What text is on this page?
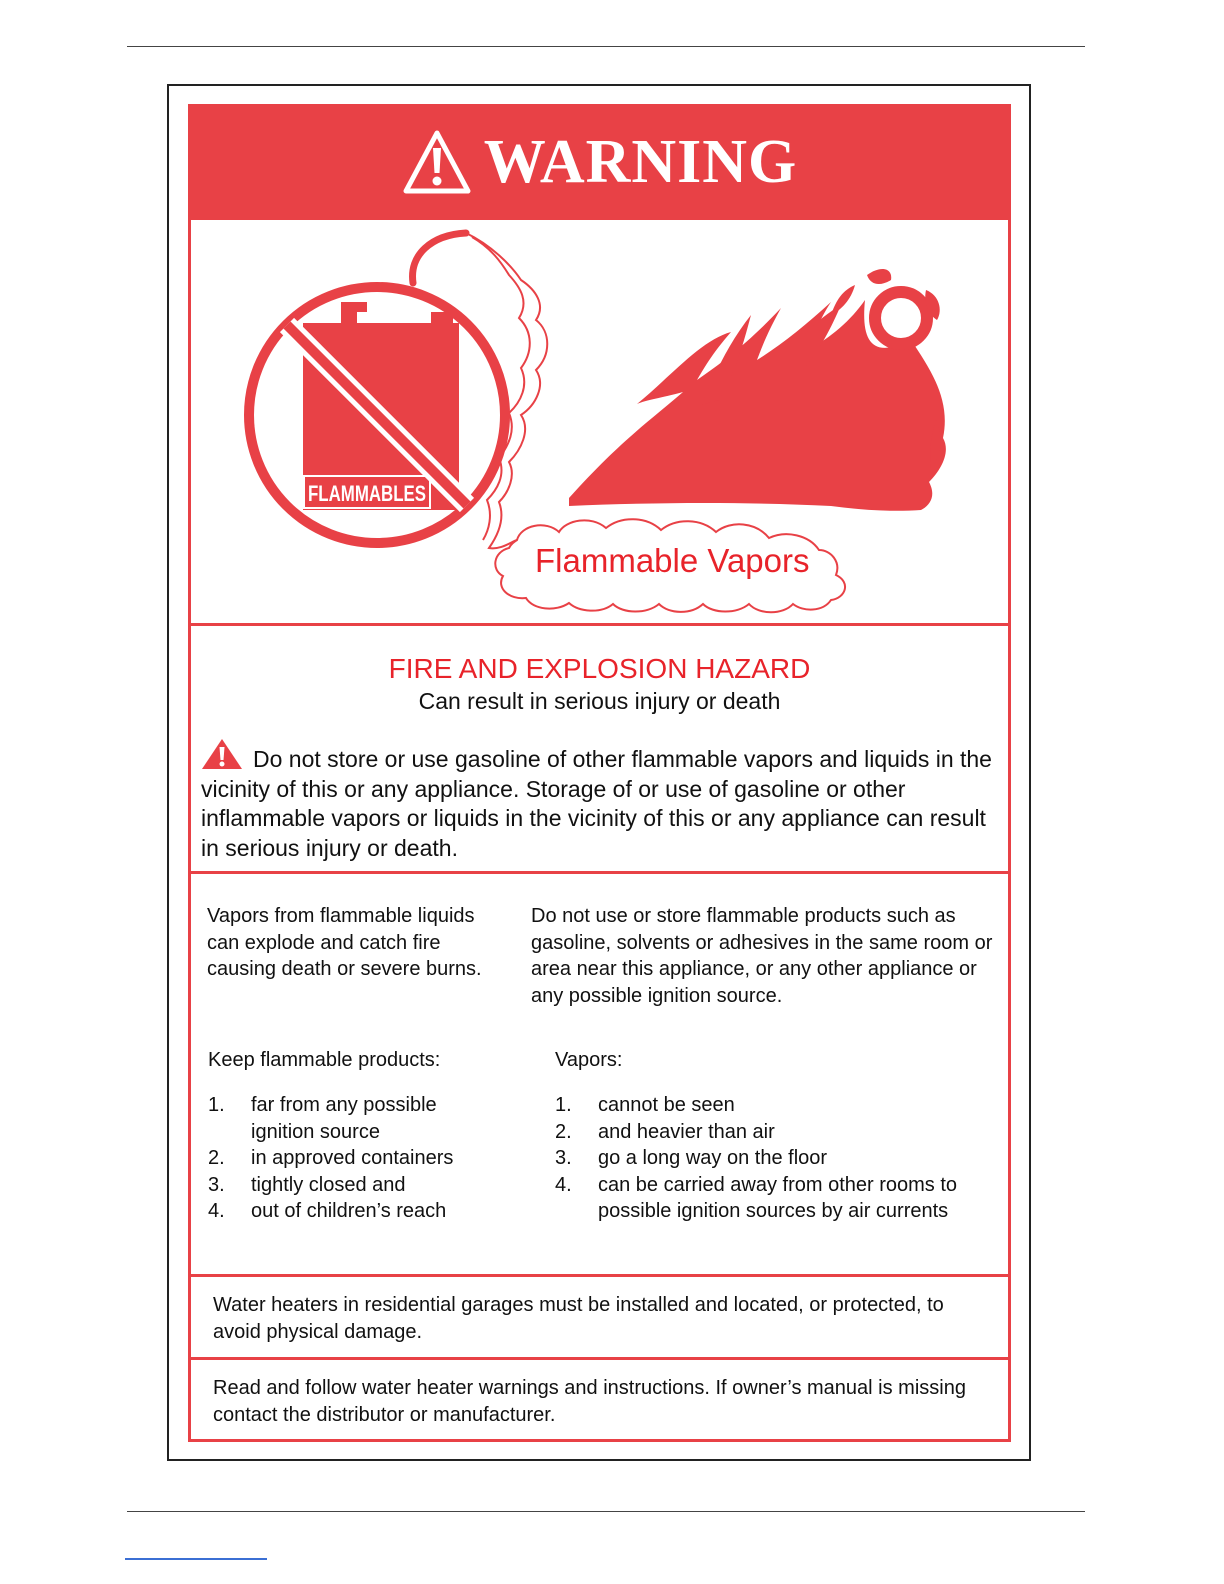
WARNING
FLAMMABLES
Flammable Vapors
FIRE AND EXPLOSION HAZARD
Can result in serious injury or death
Do not store or use gasoline of other flammable vapors and liquids in the vicinity of this or any appliance. Storage of or use of gasoline or other inflammable vapors or liquids in the vicinity of this or any appliance can result in serious injury or death.
Vapors from flammable liquids can explode and catch fire causing death or severe burns.
Do not use or store flammable products such as gasoline, solvents or adhesives in the same room or area near this appliance, or any other appliance or any possible ignition source.
Keep flammable products:	Vapors:
1. far from any possible ignition source
2. in approved containers
3. tightly closed and
4. out of children’s reach
1. cannot be seen
2. and heavier than air
3. go a long way on the floor
4. can be carried away from other rooms to possible ignition sources by air currents
Water heaters in residential garages must be installed and located, or protected, to avoid physical damage.
Read and follow water heater warnings and instructions. If owner’s manual is missing contact the distributor or manufacturer.
